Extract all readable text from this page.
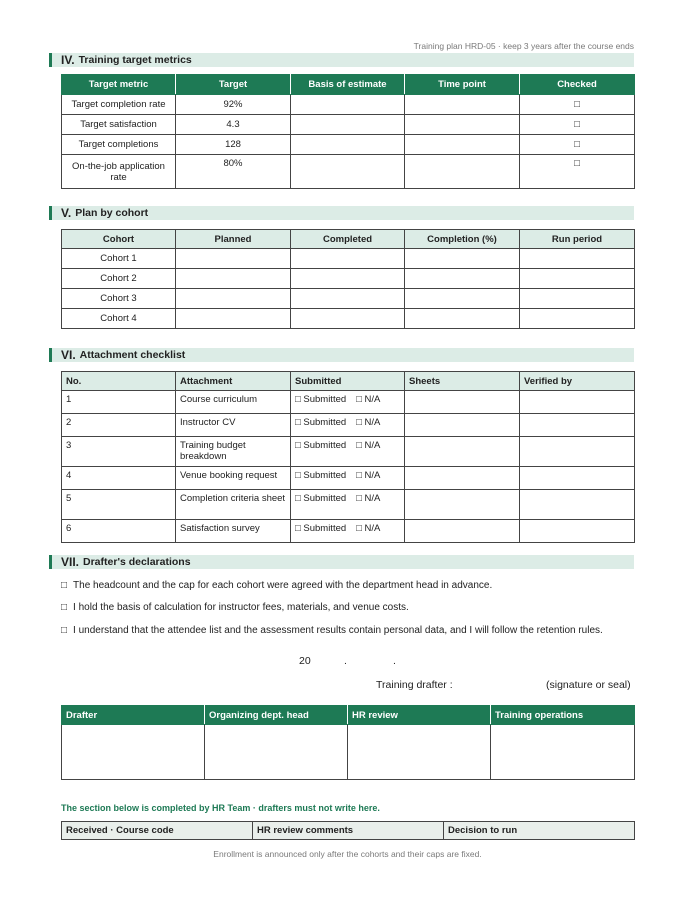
Training plan HRD-05 · keep 3 years after the course ends
IV. Training target metrics
Target metric	Target	Basis of estimate	Time point	Checked
Target completion rate	92%			□
Target satisfaction	4.3			□
Target completions	128			□
On-the-job application rate	80%			□
V. Plan by cohort
Cohort	Planned	Completed	Completion (%)	Run period
Cohort 1				
Cohort 2				
Cohort 3				
Cohort 4				
VI. Attachment checklist
No.	Attachment	Submitted	Sheets	Verified by
1	Course curriculum	□ Submitted □ N/A		
2	Instructor CV	□ Submitted □ N/A		
3	Training budget breakdown	□ Submitted □ N/A		
4	Venue booking request	□ Submitted □ N/A		
5	Completion criteria sheet	□ Submitted □ N/A		
6	Satisfaction survey	□ Submitted □ N/A		
VII. Drafter's declarations
□ The headcount and the cap for each cohort were agreed with the department head in advance.
□ I hold the basis of calculation for instructor fees, materials, and venue costs.
□ I understand that the attendee list and the assessment results contain personal data, and I will follow the retention rules.
20	.	.
Training drafter :	(signature or seal)
Drafter	Organizing dept. head	HR review	Training operations

The section below is completed by HR Team · drafters must not write here.
Received · Course code	HR review comments	Decision to run
Enrollment is announced only after the cohorts and their caps are fixed.
